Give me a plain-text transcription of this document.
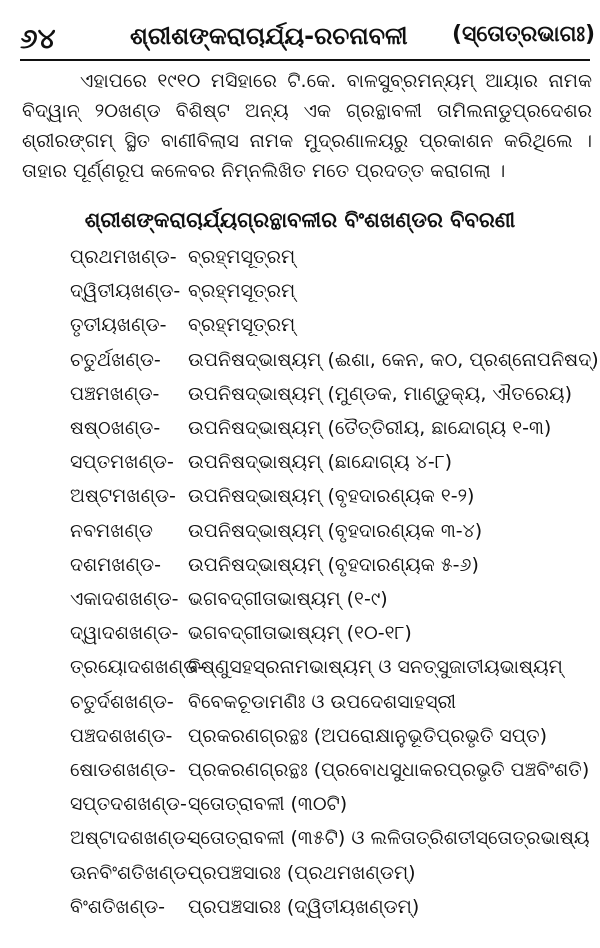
୬୪	ଶ୍ରୀଶଙ୍କରାଚାର୍ଯ୍ୟ-ରଚନାବଳୀ (ସ୍ତୋତ୍ରଭାଗଃ)
ଏହାପରେ ୧୯୧୦ ମସିହାରେ ଟି.କେ. ବାଳସୁବ୍ରମନ୍ୟମ୍ ଆୟାର ନାମକ ବିଦ୍ୱାନ୍ ୨୦ଖଣ୍ଡ ବିଶିଷ୍ଟ ଅନ୍ୟ ଏକ ଗ୍ରନ୍ଥାବଳୀ ତାମିଲନାଡୁପ୍ରଦେଶର ଶ୍ରୀରଙ୍ଗମ୍ ସ୍ଥିତ ବାଣୀବିଲାସ ନାମକ ମୁଦ୍ରଣାଳୟରୁ ପ୍ରକାଶନ କରିଥିଲେ । ତାହାର ପୂର୍ଣ୍ଣରୂପ କଳେବର ନିମ୍ନଲିଖିତ ମତେ ପ୍ରଦତ୍ତ କରାଗଲା ।
ଶ୍ରୀଶଙ୍କରାଚାର୍ଯ୍ୟଗ୍ରନ୍ଥାବଳୀର ବିଂଶଖଣ୍ଡର ବିବରଣୀ
ପ୍ରଥମଖଣ୍ଡ- ବ୍ରହ୍ମସୂତ୍ରମ୍
ଦ୍ୱିତୀୟଖଣ୍ଡ- ବ୍ରହ୍ମସୂତ୍ରମ୍
ତୃତୀୟଖଣ୍ଡ- ବ୍ରହ୍ମସୂତ୍ରମ୍
ଚତୁର୍ଥଖଣ୍ଡ- ଉପନିଷଦ୍ଭାଷ୍ୟମ୍ (ଈଶା, କେନ, କଠ, ପ୍ରଶ୍ନୋପନିଷଦ୍)
ପଞ୍ଚମଖଣ୍ଡ- ଉପନିଷଦ୍ଭାଷ୍ୟମ୍ (ମୁଣ୍ଡକ, ମାଣ୍ଡୁକ୍ୟ, ଐତରେୟ)
ଷଷ୍ଠଖଣ୍ଡ- ଉପନିଷଦ୍ଭାଷ୍ୟମ୍ (ତୈତ୍ତିରୀୟ, ଛାନ୍ଦୋଗ୍ୟ ୧-୩)
ସପ୍ତମଖଣ୍ଡ- ଉପନିଷଦ୍ଭାଷ୍ୟମ୍ (ଛାନ୍ଦୋଗ୍ୟ ୪-୮)
ଅଷ୍ଟମଖଣ୍ଡ- ଉପନିଷଦ୍ଭାଷ୍ୟମ୍ (ବୃହଦାରଣ୍ୟକ ୧-୨)
ନବମଖଣ୍ଡ ଉପନିଷଦ୍ଭାଷ୍ୟମ୍ (ବୃହଦାରଣ୍ୟକ ୩-୪)
ଦଶମଖଣ୍ଡ- ଉପନିଷଦ୍ଭାଷ୍ୟମ୍ (ବୃହଦାରଣ୍ୟକ ୫-୬)
ଏକାଦଶଖଣ୍ଡ- ଭଗବଦ୍ଗୀତାଭାଷ୍ୟମ୍ (୧-୯)
ଦ୍ୱାଦଶଖଣ୍ଡ- ଭଗବଦ୍ଗୀତାଭାଷ୍ୟମ୍ (୧୦-୧୮)
ତ୍ରୟୋଦଶଖଣ୍ଡ-
ବିଷ୍ଣୁସହସ୍ରନାମଭାଷ୍ୟମ୍ ଓ ସନତ୍ସୁଜାତୀୟଭାଷ୍ୟମ୍
ଚତୁର୍ଦଶଖଣ୍ଡ- ବିବେକଚୂଡାମଣିଃ ଓ ଉପଦେଶସାହସ୍ରୀ
ପଞ୍ଚଦଶଖଣ୍ଡ- ପ୍ରକରଣଗ୍ରନ୍ଥଃ (ଅପରୋକ୍ଷାନୁଭୂତିପ୍ରଭୃତି ସପ୍ତ)
ଷୋଡଶଖଣ୍ଡ- ପ୍ରକରଣଗ୍ରନ୍ଥଃ (ପ୍ରବୋଧସୁଧାକରପ୍ରଭୃତି ପଞ୍ଚବିଂଶତି)
ସପ୍ତଦଶଖଣ୍ଡ- ସ୍ତୋତ୍ରାବଳୀ (୩୦ଟି)
ଅଷ୍ଟାଦଶଖଣ୍ଡ-
ସ୍ତୋତ୍ରାବଳୀ (୩୫ଟି) ଓ ଲଳିତାତ୍ରିଶତୀସ୍ତୋତ୍ରଭାଷ୍ୟ
ଊନବିଂଶତିଖଣ୍ଡ-
ପ୍ରପଞ୍ଚସାରଃ (ପ୍ରଥମଖଣ୍ଡମ୍)
ବିଂଶତିଖଣ୍ଡ- ପ୍ରପଞ୍ଚସାରଃ (ଦ୍ୱିତୀୟଖଣ୍ଡମ୍)
